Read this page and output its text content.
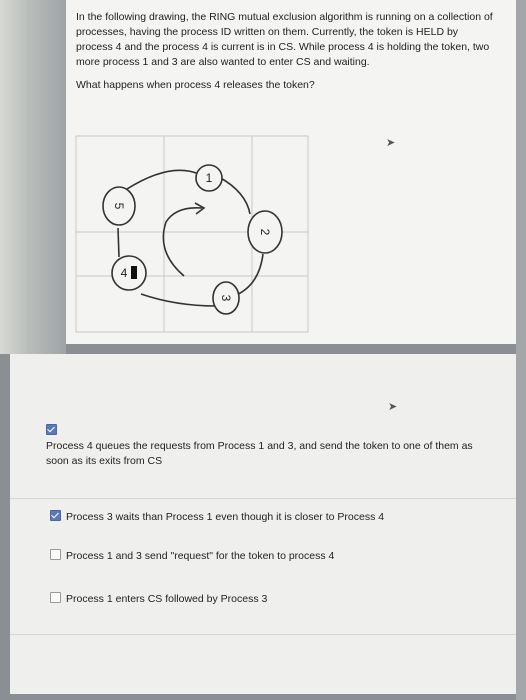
In the following drawing, the RING mutual exclusion algorithm is running on a collection of processes, having the process ID written on them. Currently, the token is HELD by process 4 and the process 4 is current is in CS. While process 4 is holding the token, two more process 1 and 3 are also wanted to enter CS and waiting.

What happens when process 4 releases the token?

➤
1
2
3
4
5
➤
Process 4 queues the requests from Process 1 and 3, and send the token to one of them as soon as its exits from CS
Process 3 waits than Process 1 even though it is closer to Process 4
Process 1 and 3 send "request" for the token to process 4
Process 1 enters CS followed by Process 3
